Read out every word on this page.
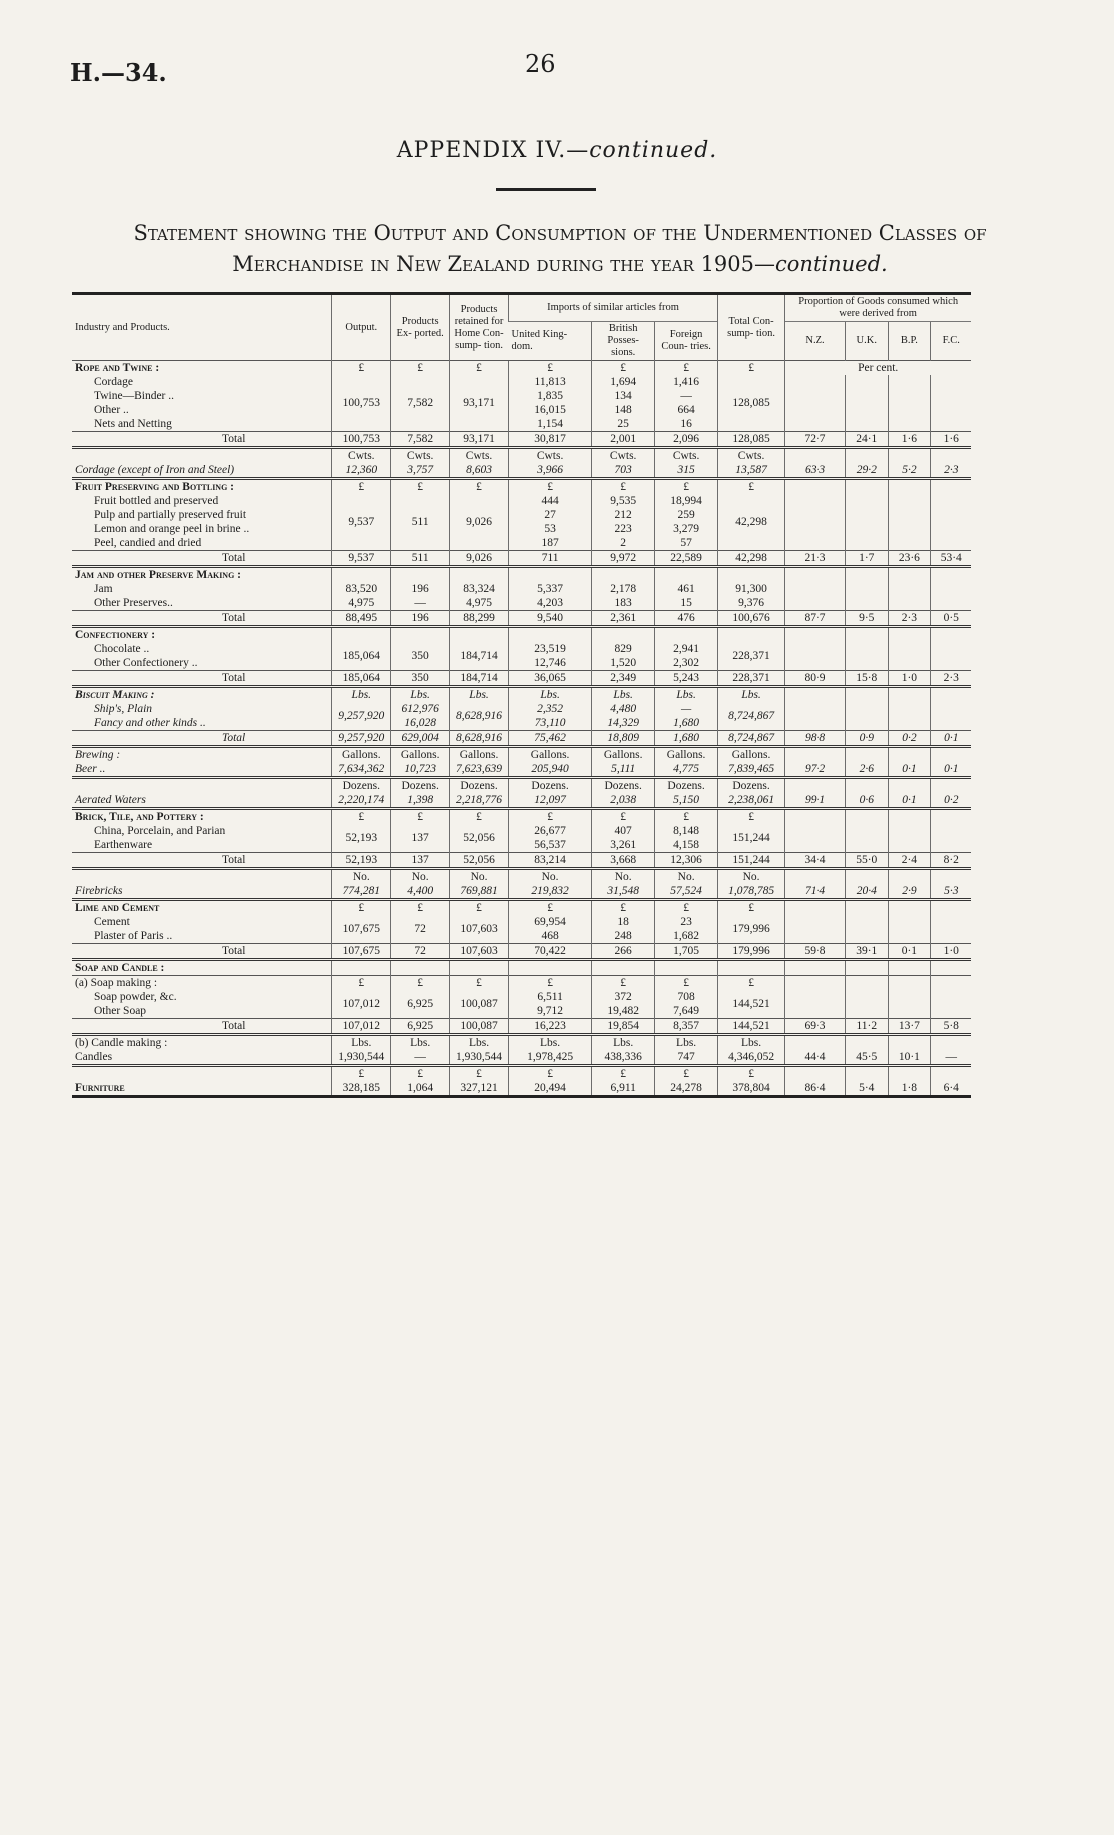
H.—34.	26
APPENDIX IV.—continued.
Statement showing the Output and Consumption of the Undermentioned Classes of
Merchandise in New Zealand during the year 1905—continued.
Industry and Products.	Output.	Products Ex- ported.	Products retained for Home Con- sump- tion.	Imports of similar articles from			Total Con- sump- tion.	Proportion of Goods consumed which were derived from			
				United King- dom.	British Posses- sions.	Foreign Coun- tries.		N.Z.	U.K.	B.P.	F.C.
Rope and Twine :	£	£	£	£	£	£	£	Per cent.			
Cordage	100,753	7,582	93,171	11,813	1,694	1,416	128,085				
Twine—Binder ..				1,835	134	—					
Other ..				16,015	148	664					
Nets and Netting				1,154	25	16					
Total	100,753	7,582	93,171	30,817	2,001	2,096	128,085	72·7	24·1	1·6	1·6
	Cwts.	Cwts.	Cwts.	Cwts.	Cwts.	Cwts.	Cwts.				
Cordage (except of Iron and Steel)	12,360	3,757	8,603	3,966	703	315	13,587	63·3	29·2	5·2	2·3
Fruit Preserving and Bottling :	£	£	£	£	£	£	£				
Fruit bottled and preserved	9,537	511	9,026	444	9,535	18,994	42,298				
Pulp and partially preserved fruit				27	212	259					
Lemon and orange peel in brine ..				53	223	3,279					
Peel, candied and dried				187	2	57					
Total	9,537	511	9,026	711	9,972	22,589	42,298	21·3	1·7	23·6	53·4
Jam and other Preserve Making :											
Jam	83,520	196	83,324	5,337	2,178	461	91,300				
Other Preserves..	4,975	—	4,975	4,203	183	15	9,376				
Total	88,495	196	88,299	9,540	2,361	476	100,676	87·7	9·5	2·3	0·5
Confectionery :											
Chocolate ..	185,064	350	184,714	23,519	829	2,941	228,371				
Other Confectionery ..				12,746	1,520	2,302					
Total	185,064	350	184,714	36,065	2,349	5,243	228,371	80·9	15·8	1·0	2·3
Biscuit Making :	Lbs.	Lbs.	Lbs.	Lbs.	Lbs.	Lbs.	Lbs.				
Ship's, Plain	9,257,920	612,976	8,628,916	2,352	4,480	—	8,724,867				
Fancy and other kinds ..		16,028		73,110	14,329	1,680					
Total	9,257,920	629,004	8,628,916	75,462	18,809	1,680	8,724,867	98·8	0·9	0·2	0·1
Brewing :	Gallons.	Gallons.	Gallons.	Gallons.	Gallons.	Gallons.	Gallons.				
Beer ..	7,634,362	10,723	7,623,639	205,940	5,111	4,775	7,839,465	97·2	2·6	0·1	0·1
	Dozens.	Dozens.	Dozens.	Dozens.	Dozens.	Dozens.	Dozens.				
Aerated Waters	2,220,174	1,398	2,218,776	12,097	2,038	5,150	2,238,061	99·1	0·6	0·1	0·2
Brick, Tile, and Pottery :	£	£	£	£	£	£	£				
China, Porcelain, and Parian	52,193	137	52,056	26,677	407	8,148	151,244				
Earthenware				56,537	3,261	4,158					
Total	52,193	137	52,056	83,214	3,668	12,306	151,244	34·4	55·0	2·4	8·2
	No.	No.	No.	No.	No.	No.	No.				
Firebricks	774,281	4,400	769,881	219,832	31,548	57,524	1,078,785	71·4	20·4	2·9	5·3
Lime and Cement	£	£	£	£	£	£	£				
Cement	107,675	72	107,603	69,954	18	23	179,996				
Plaster of Paris ..				468	248	1,682					
Total	107,675	72	107,603	70,422	266	1,705	179,996	59·8	39·1	0·1	1·0
Soap and Candle :											
(a) Soap making :	£	£	£	£	£	£	£				
Soap powder, &c.	107,012	6,925	100,087	6,511	372	708	144,521				
Other Soap				9,712	19,482	7,649					
Total	107,012	6,925	100,087	16,223	19,854	8,357	144,521	69·3	11·2	13·7	5·8
(b) Candle making :	Lbs.	Lbs.	Lbs.	Lbs.	Lbs.	Lbs.	Lbs.				
Candles	1,930,544	—	1,930,544	1,978,425	438,336	747	4,346,052	44·4	45·5	10·1	—
	£	£	£	£	£	£	£				
Furniture	328,185	1,064	327,121	20,494	6,911	24,278	378,804	86·4	5·4	1·8	6·4
